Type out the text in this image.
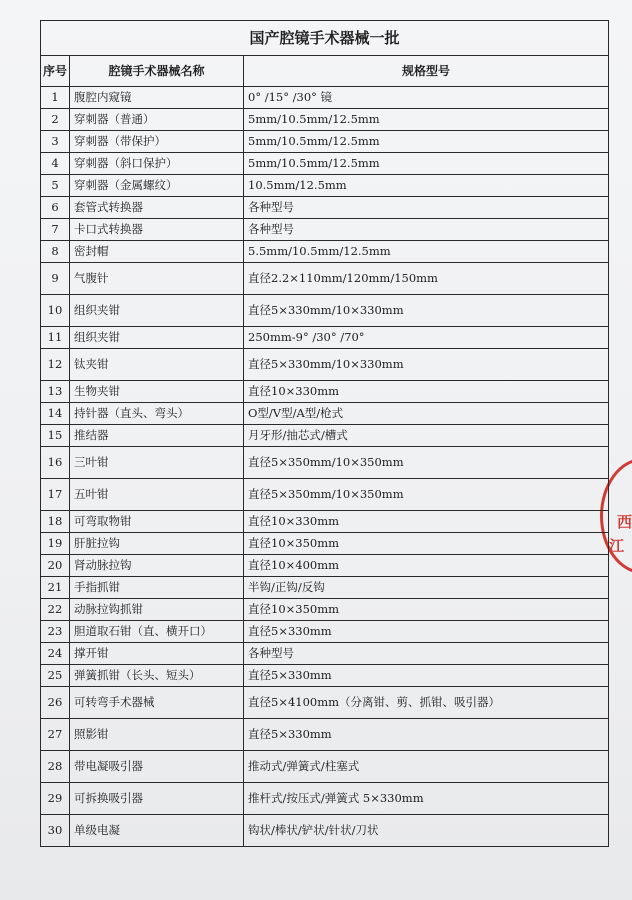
西
江
国产腔镜手术器械一批		
序号	腔镜手术器械名称	规格型号
1	腹腔内窥镜	0° /15° /30° 镜
2	穿刺器（普通）	5mm/10.5mm/12.5mm
3	穿刺器（带保护）	5mm/10.5mm/12.5mm
4	穿刺器（斜口保护）	5mm/10.5mm/12.5mm
5	穿刺器（金属螺纹）	10.5mm/12.5mm
6	套管式转换器	各种型号
7	卡口式转换器	各种型号
8	密封帽	5.5mm/10.5mm/12.5mm
9	气腹针	直径2.2×110mm/120mm/150mm
10	组织夹钳	直径5×330mm/10×330mm
11	组织夹钳	250mm-9° /30° /70°
12	钛夹钳	直径5×330mm/10×330mm
13	生物夹钳	直径10×330mm
14	持针器（直头、弯头）	O型/V型/A型/枪式
15	推结器	月牙形/抽芯式/槽式
16	三叶钳	直径5×350mm/10×350mm
17	五叶钳	直径5×350mm/10×350mm
18	可弯取物钳	直径10×330mm
19	肝脏拉钩	直径10×350mm
20	肾动脉拉钩	直径10×400mm
21	手指抓钳	半钩/正钩/反钩
22	动脉拉钩抓钳	直径10×350mm
23	胆道取石钳（直、横开口）	直径5×330mm
24	撑开钳	各种型号
25	弹簧抓钳（长头、短头）	直径5×330mm
26	可转弯手术器械	直径5×4100mm（分离钳、剪、抓钳、吸引器）
27	照影钳	直径5×330mm
28	带电凝吸引器	推动式/弹簧式/柱塞式
29	可拆换吸引器	推杆式/按压式/弹簧式 5×330mm
30	单级电凝	钩状/棒状/铲状/针状/刀状
